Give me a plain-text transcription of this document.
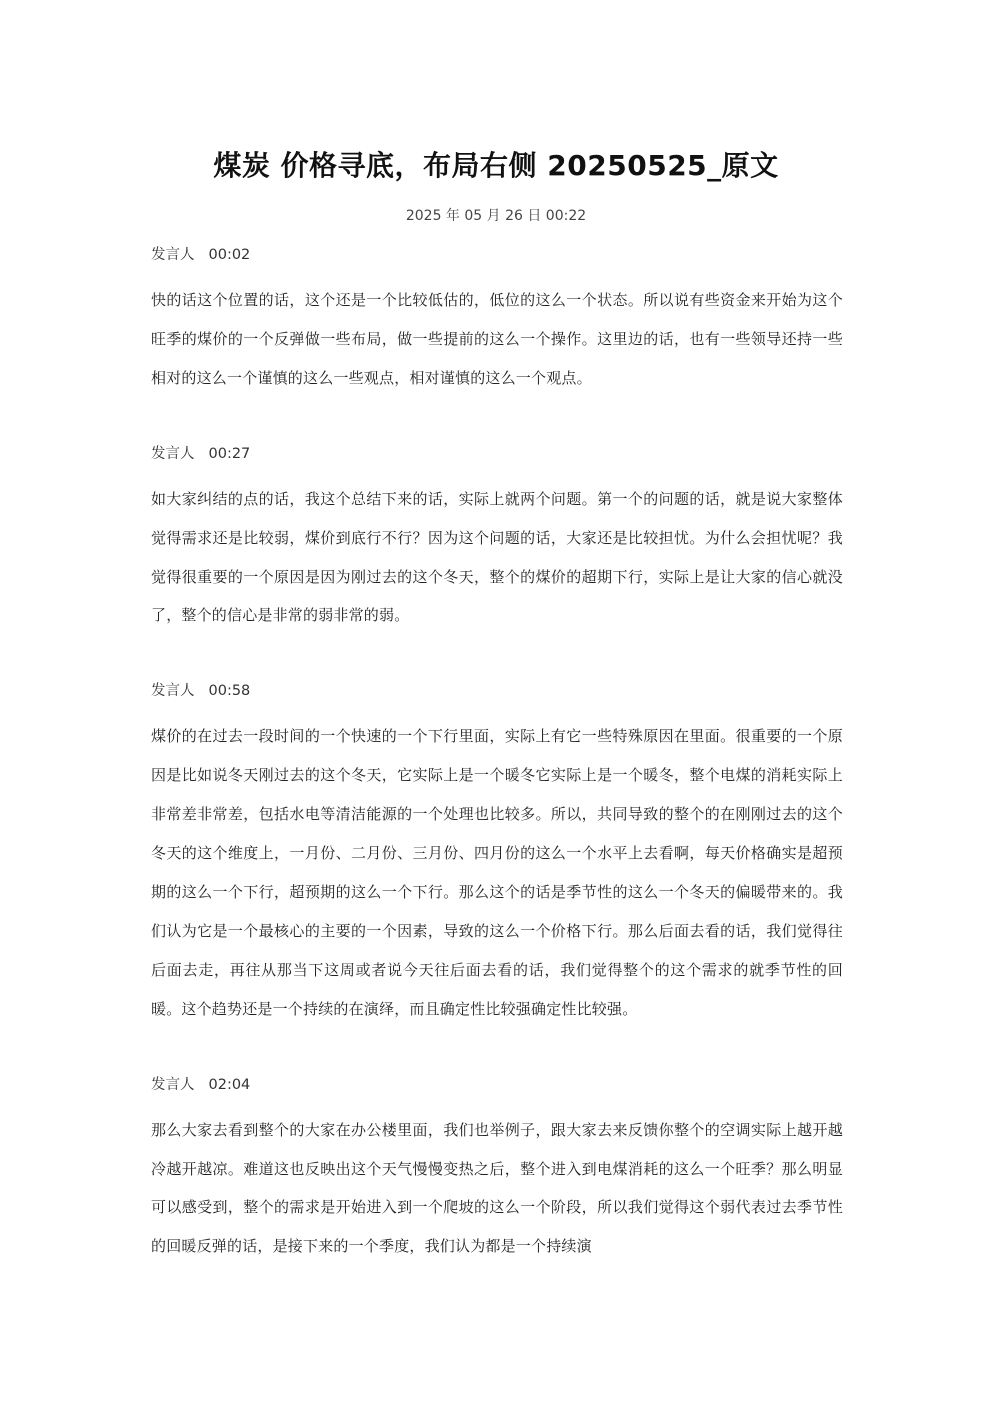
煤炭 价格寻底，布局右侧 20250525_原文
2025 年 05 月 26 日 00:22
发言人 00:02

快的话这个位置的话，这个还是一个比较低估的，低位的这么一个状态。所以说有些资金来开始为这个旺季的煤价的一个反弹做一些布局，做一些提前的这么一个操作。这里边的话，也有一些领导还持一些相对的这么一个谨慎的这么一些观点，相对谨慎的这么一个观点。

发言人 00:27

如大家纠结的点的话，我这个总结下来的话，实际上就两个问题。第一个的问题的话，就是说大家整体觉得需求还是比较弱，煤价到底行不行？因为这个问题的话，大家还是比较担忧。为什么会担忧呢？我觉得很重要的一个原因是因为刚过去的这个冬天，整个的煤价的超期下行，实际上是让大家的信心就没了，整个的信心是非常的弱非常的弱。

发言人 00:58

煤价的在过去一段时间的一个快速的一个下行里面，实际上有它一些特殊原因在里面。很重要的一个原因是比如说冬天刚过去的这个冬天，它实际上是一个暖冬它实际上是一个暖冬，整个电煤的消耗实际上非常差非常差，包括水电等清洁能源的一个处理也比较多。所以，共同导致的整个的在刚刚过去的这个冬天的这个维度上，一月份、二月份、三月份、四月份的这么一个水平上去看啊，每天价格确实是超预期的这么一个下行，超预期的这么一个下行。那么这个的话是季节性的这么一个冬天的偏暖带来的。我们认为它是一个最核心的主要的一个因素，导致的这么一个价格下行。那么后面去看的话，我们觉得往后面去走，再往从那当下这周或者说今天往后面去看的话，我们觉得整个的这个需求的就季节性的回暖。这个趋势还是一个持续的在演绎，而且确定性比较强确定性比较强。

发言人 02:04

那么大家去看到整个的大家在办公楼里面，我们也举例子，跟大家去来反馈你整个的空调实际上越开越冷越开越凉。难道这也反映出这个天气慢慢变热之后，整个进入到电煤消耗的这么一个旺季？那么明显可以感受到，整个的需求是开始进入到一个爬坡的这么一个阶段，所以我们觉得这个弱代表过去季节性的回暖反弹的话，是接下来的一个季度，我们认为都是一个持续演
